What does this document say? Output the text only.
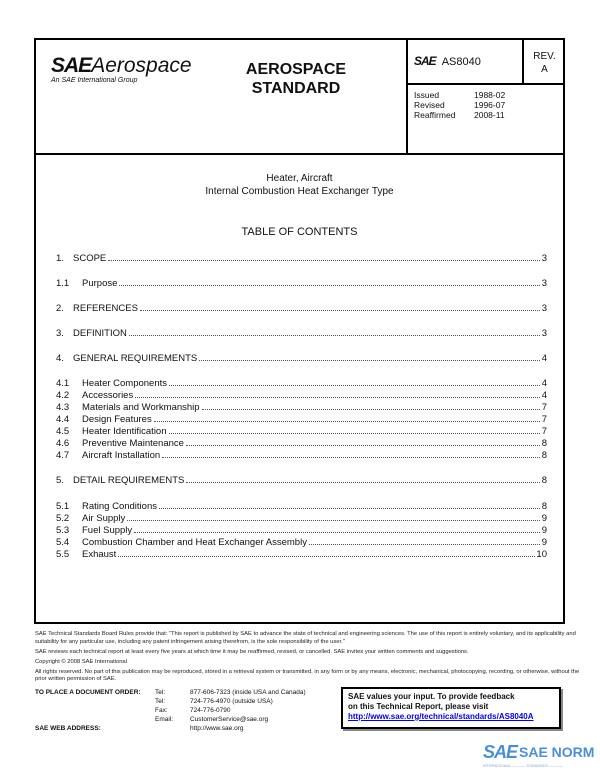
SAEAerospace
An SAE International Group
AEROSPACE
STANDARD
SAE AS8040	REV.
A
Issued	1988-02
Revised	1996-07
Reaffirmed	2008-11
Heater, Aircraft
Internal Combustion Heat Exchanger Type
TABLE OF CONTENTS
1. SCOPE	3
1.1	Purpose	3
2. REFERENCES	3
3. DEFINITION	3
4. GENERAL REQUIREMENTS	4
4.1	Heater Components	4
4.2	Accessories	4
4.3	Materials and Workmanship	7
4.4	Design Features	7
4.5	Heater Identification	7
4.6	Preventive Maintenance	8
4.7	Aircraft Installation	8
5. DETAIL REQUIREMENTS	8
5.1	Rating Conditions	8
5.2	Air Supply	9
5.3	Fuel Supply	9
5.4	Combustion Chamber and Heat Exchanger Assembly	9
5.5	Exhaust	10

SAE Technical Standards Board Rules provide that: "This report is published by SAE to advance the state of technical and engineering sciences. The use of this report is entirely voluntary, and its applicability and suitability for any particular use, including any patent infringement arising therefrom, is the sole responsibility of the user."

SAE reviews each technical report at least every five years at which time it may be reaffirmed, revised, or cancelled. SAE invites your written comments and suggestions.

Copyright © 2008 SAE International

All rights reserved. No part of this publication may be reproduced, stored in a retrieval system or transmitted, in any form or by any means, electronic, mechanical, photocopying, recording, or otherwise, without the prior written permission of SAE.

TO PLACE A DOCUMENT ORDER: Tel:	877-606-7323 (inside USA and Canada)
Tel:	724-776-4970 (outside USA)
Fax:	724-776-0790
Email:	CustomerService@sae.org
SAE WEB ADDRESS:	http://www.sae.org
SAE values your input. To provide feedback
on this Technical Report, please visit
http://www.sae.org/technical/standards/AS8040A
SAE SAE NORM
INTERNATIONAL ———— STANDARDS ————
